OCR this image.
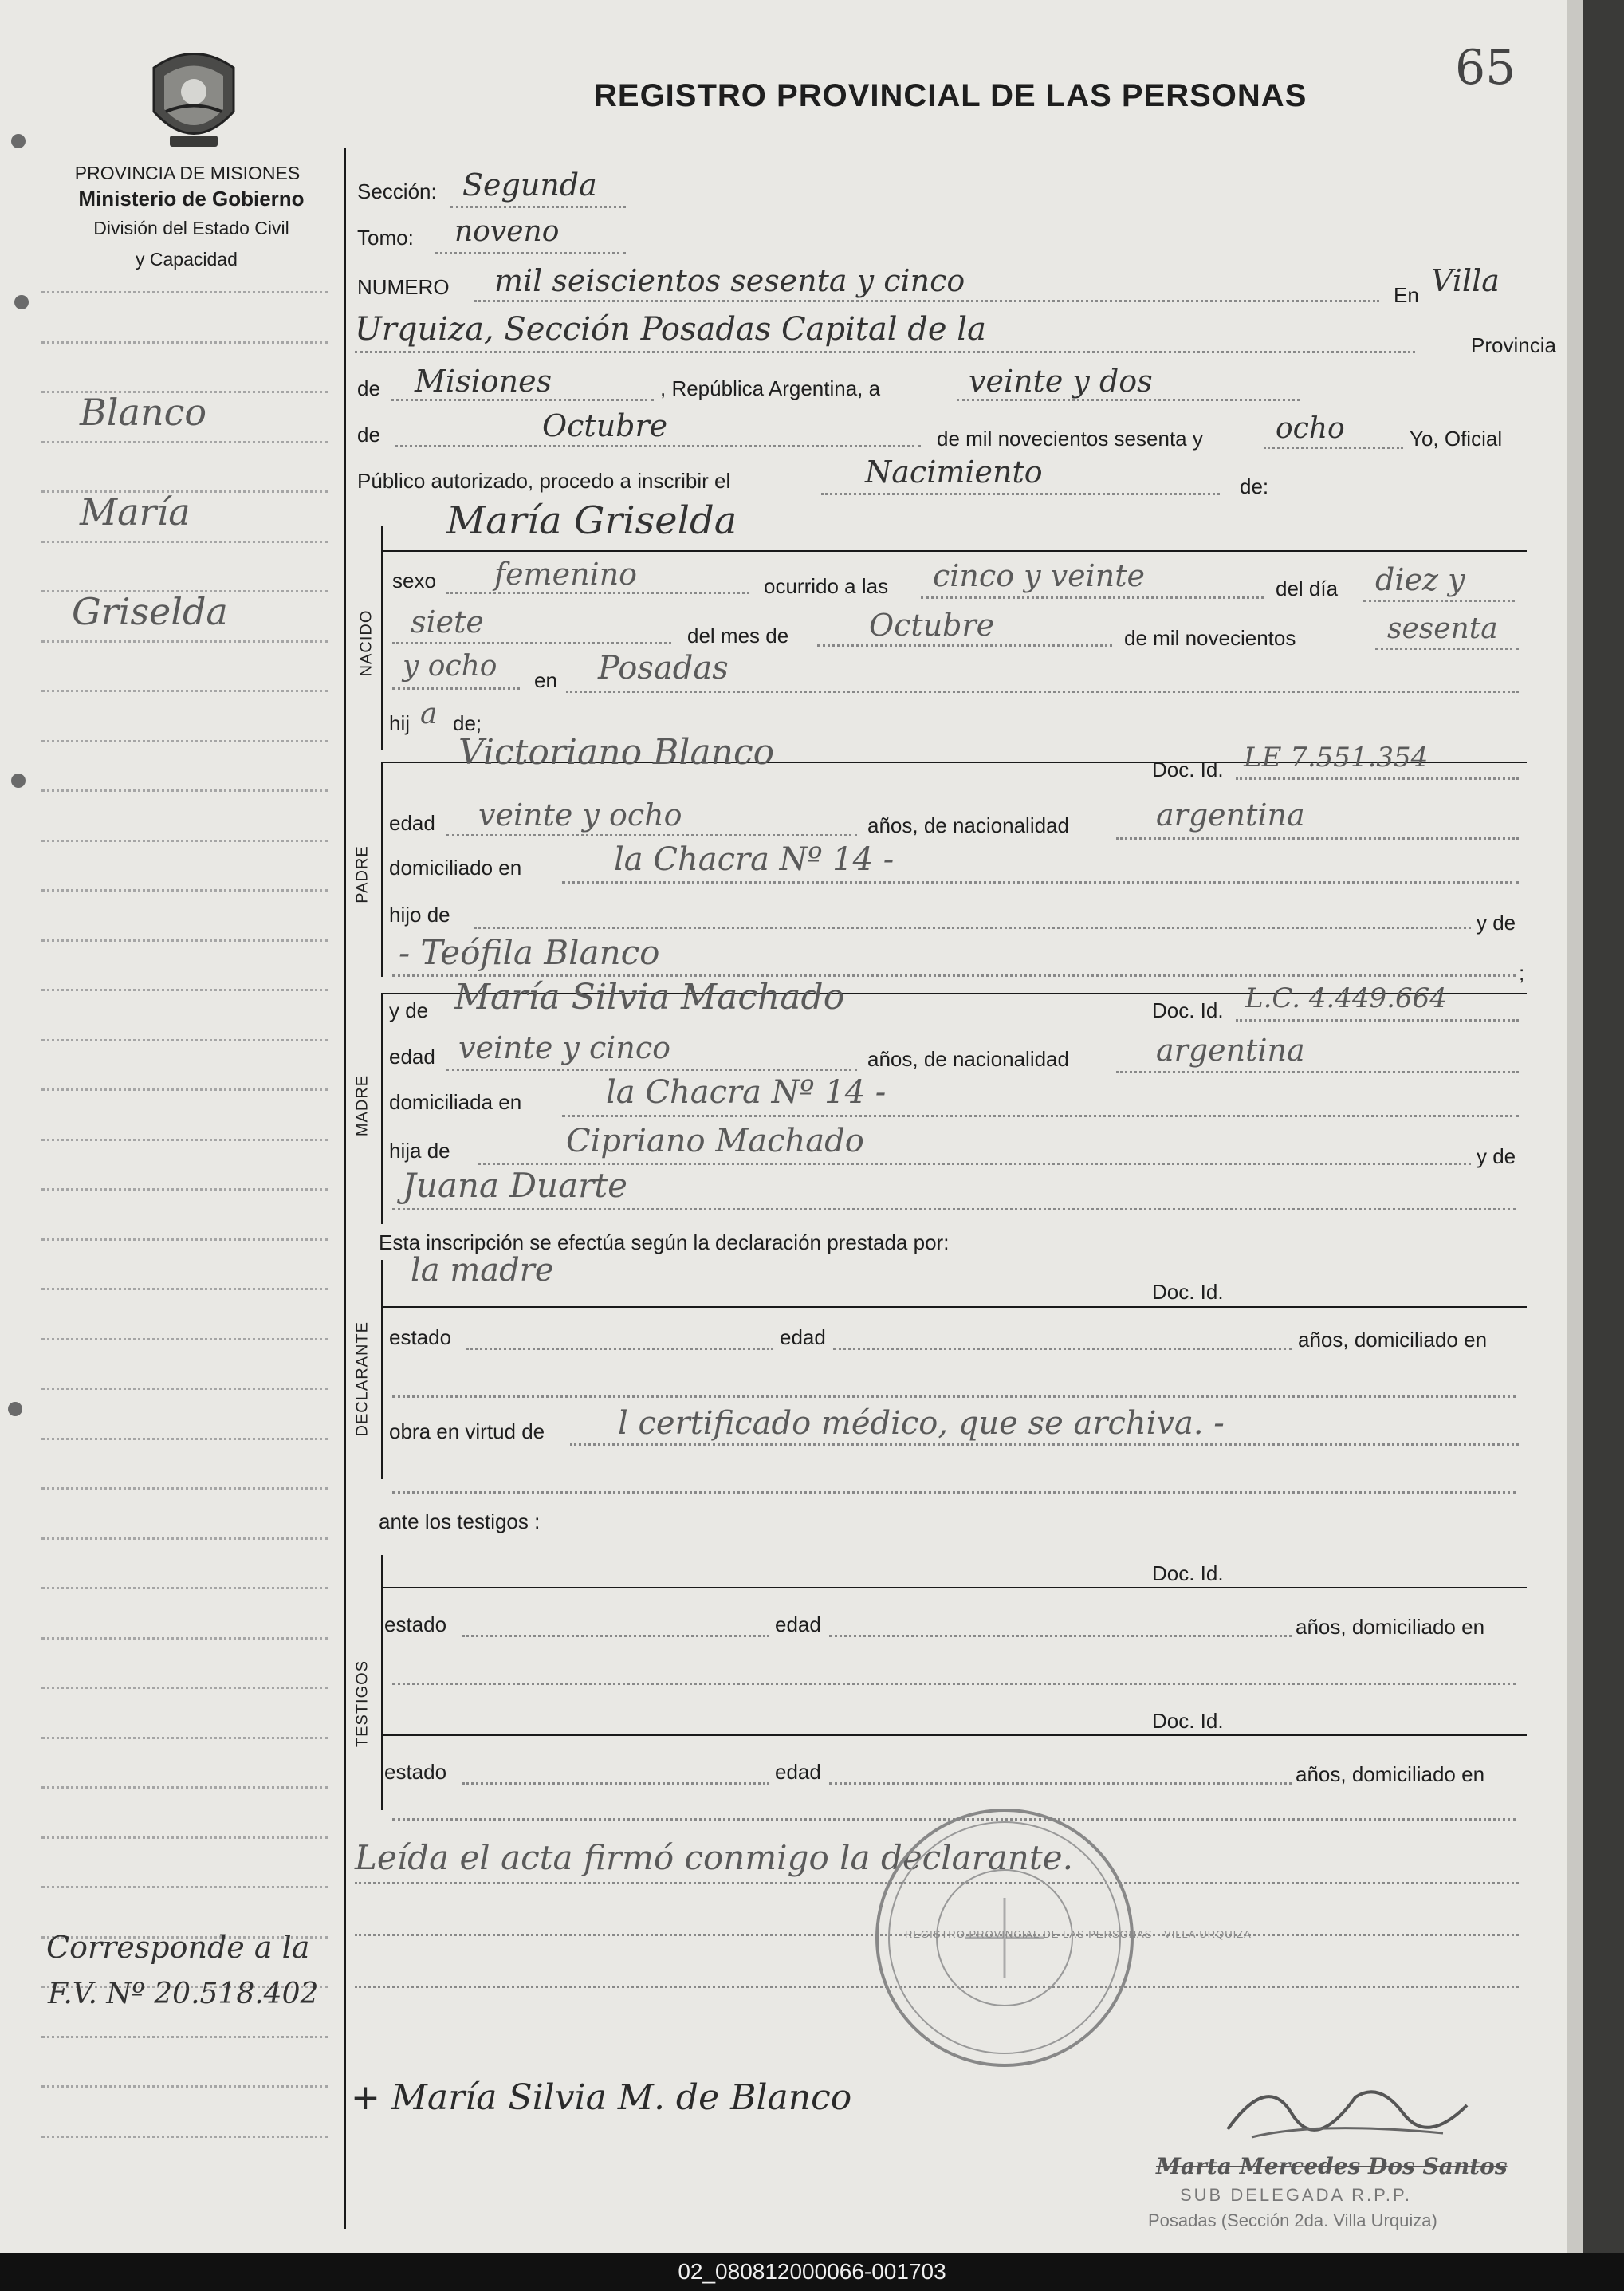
PROVINCIA DE MISIONES
Ministerio de Gobierno
División del Estado Civil
y Capacidad
REGISTRO PROVINCIAL DE LAS PERSONAS	65
Blanco
María
Griselda
Corresponde a la
F.V. Nº 20.518.402
Sección: Segunda
Tomo: noveno
NUMERO mil seiscientos sesenta y cinco	En Villa
Urquiza, Sección Posadas Capital de la	Provincia
de Misiones	, República Argentina, a	veinte y dos
de	Octubre	de mil novecientos sesenta y	ocho	Yo, Oficial
Público autorizado, procedo a inscribir el	Nacimiento	de:
María Griselda
NACIDO
sexo femenino	ocurrido a las cinco y veinte	del día diez y
siete	del mes de	Octubre	de mil novecientos	sesenta
y ocho en Posadas
hij a de;
PADRE
Victoriano Blanco	Doc. Id. LE 7.551.354
edad veinte y ocho	años, de nacionalidad	argentina
domiciliado en	la Chacra Nº 14 -
hijo de	y de
- Teófila Blanco
;
MADRE
y de María Silvia Machado	Doc. Id. L.C. 4.449.664
edad veinte y cinco	años, de nacionalidad	argentina
domiciliada en	la Chacra Nº 14 -
hija de	Cipriano Machado	y de
Juana Duarte
Esta inscripción se efectúa según la declaración prestada por:
DECLARANTE
la madre
Doc. Id.
estado	edad	años, domiciliado en
obra en virtud de l certificado médico, que se archiva. -
ante los testigos :
TESTIGOS
Doc. Id.
estado	edad	años, domiciliado en
Doc. Id.
estado	edad	años, domiciliado en
Leída el acta firmó conmigo la declarante.
REGISTRO PROVINCIAL DE LAS PERSONAS · VILLA URQUIZA
+ María Silvia M. de Blanco
Marta Mercedes Dos Santos
SUB DELEGADA R.P.P.
Posadas (Sección 2da. Villa Urquiza)
02_080812000066-001703
